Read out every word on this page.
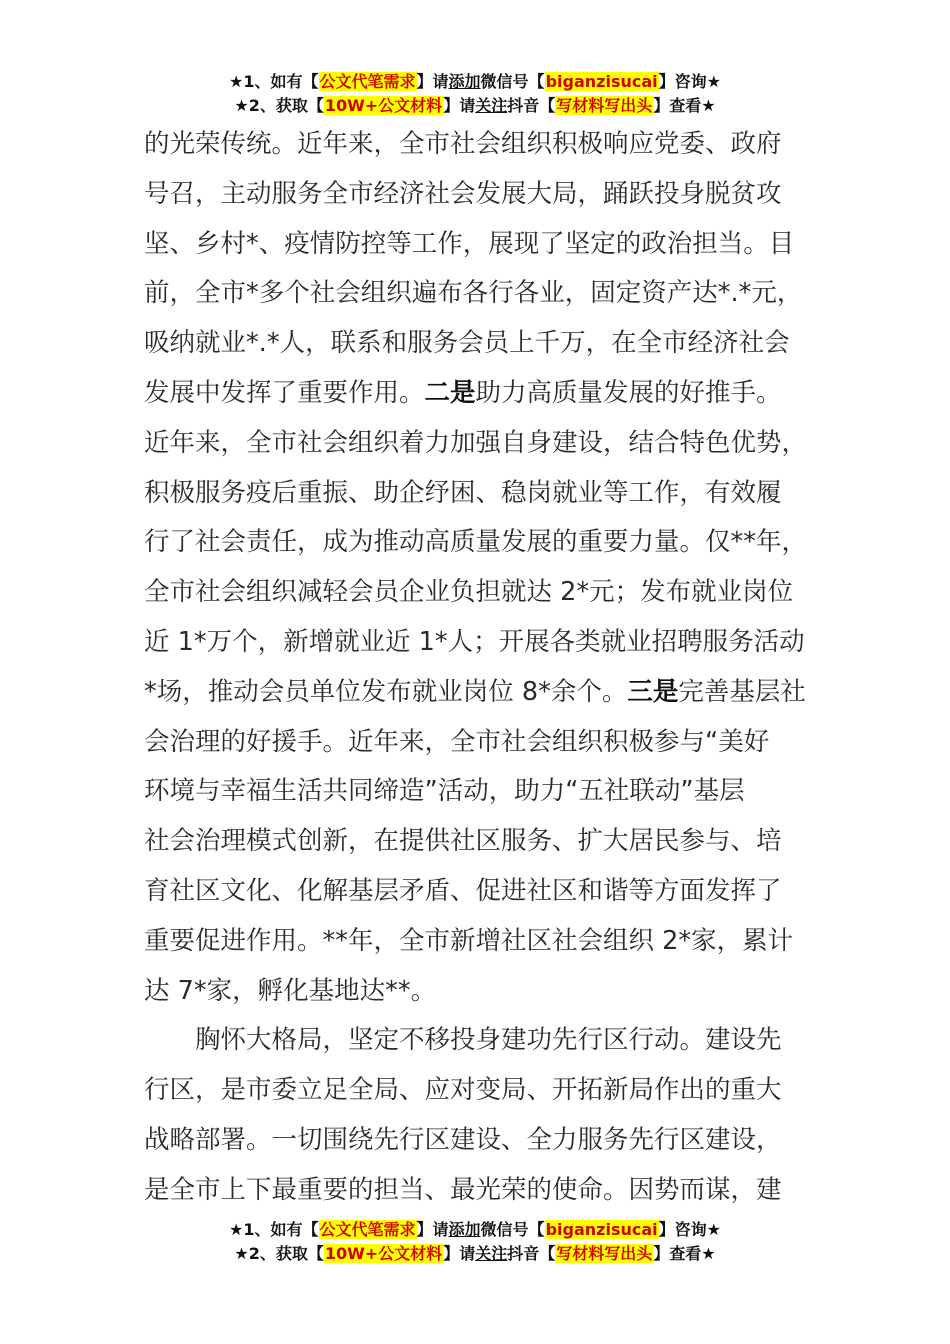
★1、如有【公文代笔需求】请添加微信号【biganzisucai】咨询★
★2、获取【10W+公文材料】请关注抖音【写材料写出头】查看★
的光荣传统。近年来，全市社会组织积极响应党委、政府
号召，主动服务全市经济社会发展大局，踊跃投身脱贫攻
坚、乡村*、疫情防控等工作，展现了坚定的政治担当。目
前，全市*多个社会组织遍布各行各业，固定资产达*.*元，
吸纳就业*.*人，联系和服务会员上千万，在全市经济社会
发展中发挥了重要作用。二是助力高质量发展的好推手。
近年来，全市社会组织着力加强自身建设，结合特色优势，
积极服务疫后重振、助企纾困、稳岗就业等工作，有效履
行了社会责任，成为推动高质量发展的重要力量。仅**年，
全市社会组织减轻会员企业负担就达 2*元；发布就业岗位
近 1*万个，新增就业近 1*人；开展各类就业招聘服务活动
*场，推动会员单位发布就业岗位 8*余个。三是完善基层社
会治理的好援手。近年来，全市社会组织积极参与“美好
环境与幸福生活共同缔造”活动，助力“五社联动”基层
社会治理模式创新，在提供社区服务、扩大居民参与、培
育社区文化、化解基层矛盾、促进社区和谐等方面发挥了
重要促进作用。**年，全市新增社区社会组织 2*家，累计
达 7*家，孵化基地达**。
胸怀大格局，坚定不移投身建功先行区行动。建设先
行区，是市委立足全局、应对变局、开拓新局作出的重大
战略部署。一切围绕先行区建设、全力服务先行区建设，
是全市上下最重要的担当、最光荣的使命。因势而谋，建
★1、如有【公文代笔需求】请添加微信号【biganzisucai】咨询★
★2、获取【10W+公文材料】请关注抖音【写材料写出头】查看★
